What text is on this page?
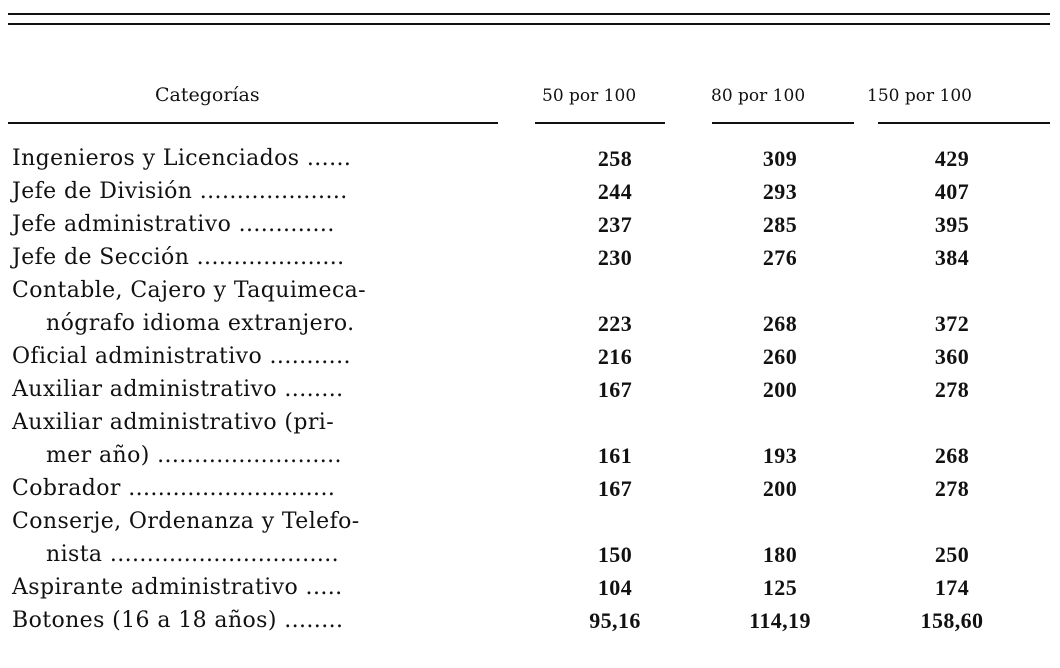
Categorías	50 por 100	80 por 100	150 por 100
Ingenieros y Licenciados ......	258	309	429
Jefe de División ....................	244	293	407
Jefe administrativo .............	237	285	395
Jefe de Sección ....................	230	276	384
Contable, Cajero y Taquimeca-
nógrafo idioma extranjero.	223	268	372
Oficial administrativo ...........	216	260	360
Auxiliar administrativo ........	167	200	278
Auxiliar administrativo (pri-
mer año) .........................	161	193	268
Cobrador ............................	167	200	278
Conserje, Ordenanza y Telefo-
nista ...............................	150	180	250
Aspirante administrativo .....	104	125	174
Botones (16 a 18 años) ........	95,16	114,19	158,60
